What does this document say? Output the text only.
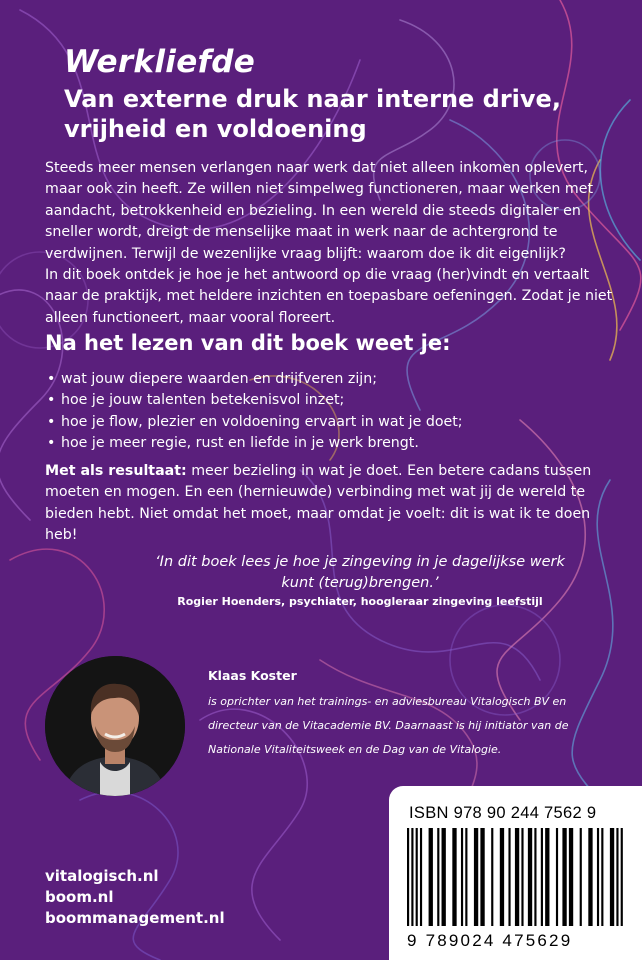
Werkliefde
Van externe druk naar interne drive, vrijheid en voldoening

Steeds meer mensen verlangen naar werk dat niet alleen inkomen oplevert, maar ook zin heeft. Ze willen niet simpelweg functioneren, maar werken met aandacht, betrokkenheid en bezieling. In een wereld die steeds digitaler en sneller wordt, dreigt de menselijke maat in werk naar de achtergrond te verdwijnen. Terwijl de wezenlijke vraag blijft: waarom doe ik dit eigenlijk?

In dit boek ontdek je hoe je het antwoord op die vraag (her)vindt en vertaalt naar de praktijk, met heldere inzichten en toepasbare oefeningen. Zodat je niet alleen functioneert, maar vooral floreert.

Na het lezen van dit boek weet je:
• wat jouw diepere waarden en drijfveren zijn;
• hoe je jouw talenten betekenisvol inzet;
• hoe je flow, plezier en voldoening ervaart in wat je doet;
• hoe je meer regie, rust en liefde in je werk brengt.
Met als resultaat: meer bezieling in wat je doet. Een betere cadans tussen moeten en mogen. En een (hernieuwde) verbinding met wat jij de wereld te bieden hebt. Niet omdat het moet, maar omdat je voelt: dit is wat ik te doen heb!
‘In dit boek lees je hoe je zingeving in je dagelijkse werk kunt (terug)brengen.’
Rogier Hoenders, psychiater, hoogleraar zingeving leefstijl
Klaas Koster
is oprichter van het trainings- en adviesbureau Vitalogisch BV en directeur van de Vitacademie BV. Daarnaast is hij initiator van de Nationale Vitaliteitsweek en de Dag van de Vitalogie.
ISBN 978 90 244 7562 9
9 789024 475629
vitalogisch.nl
boom.nl
boommanagement.nl
